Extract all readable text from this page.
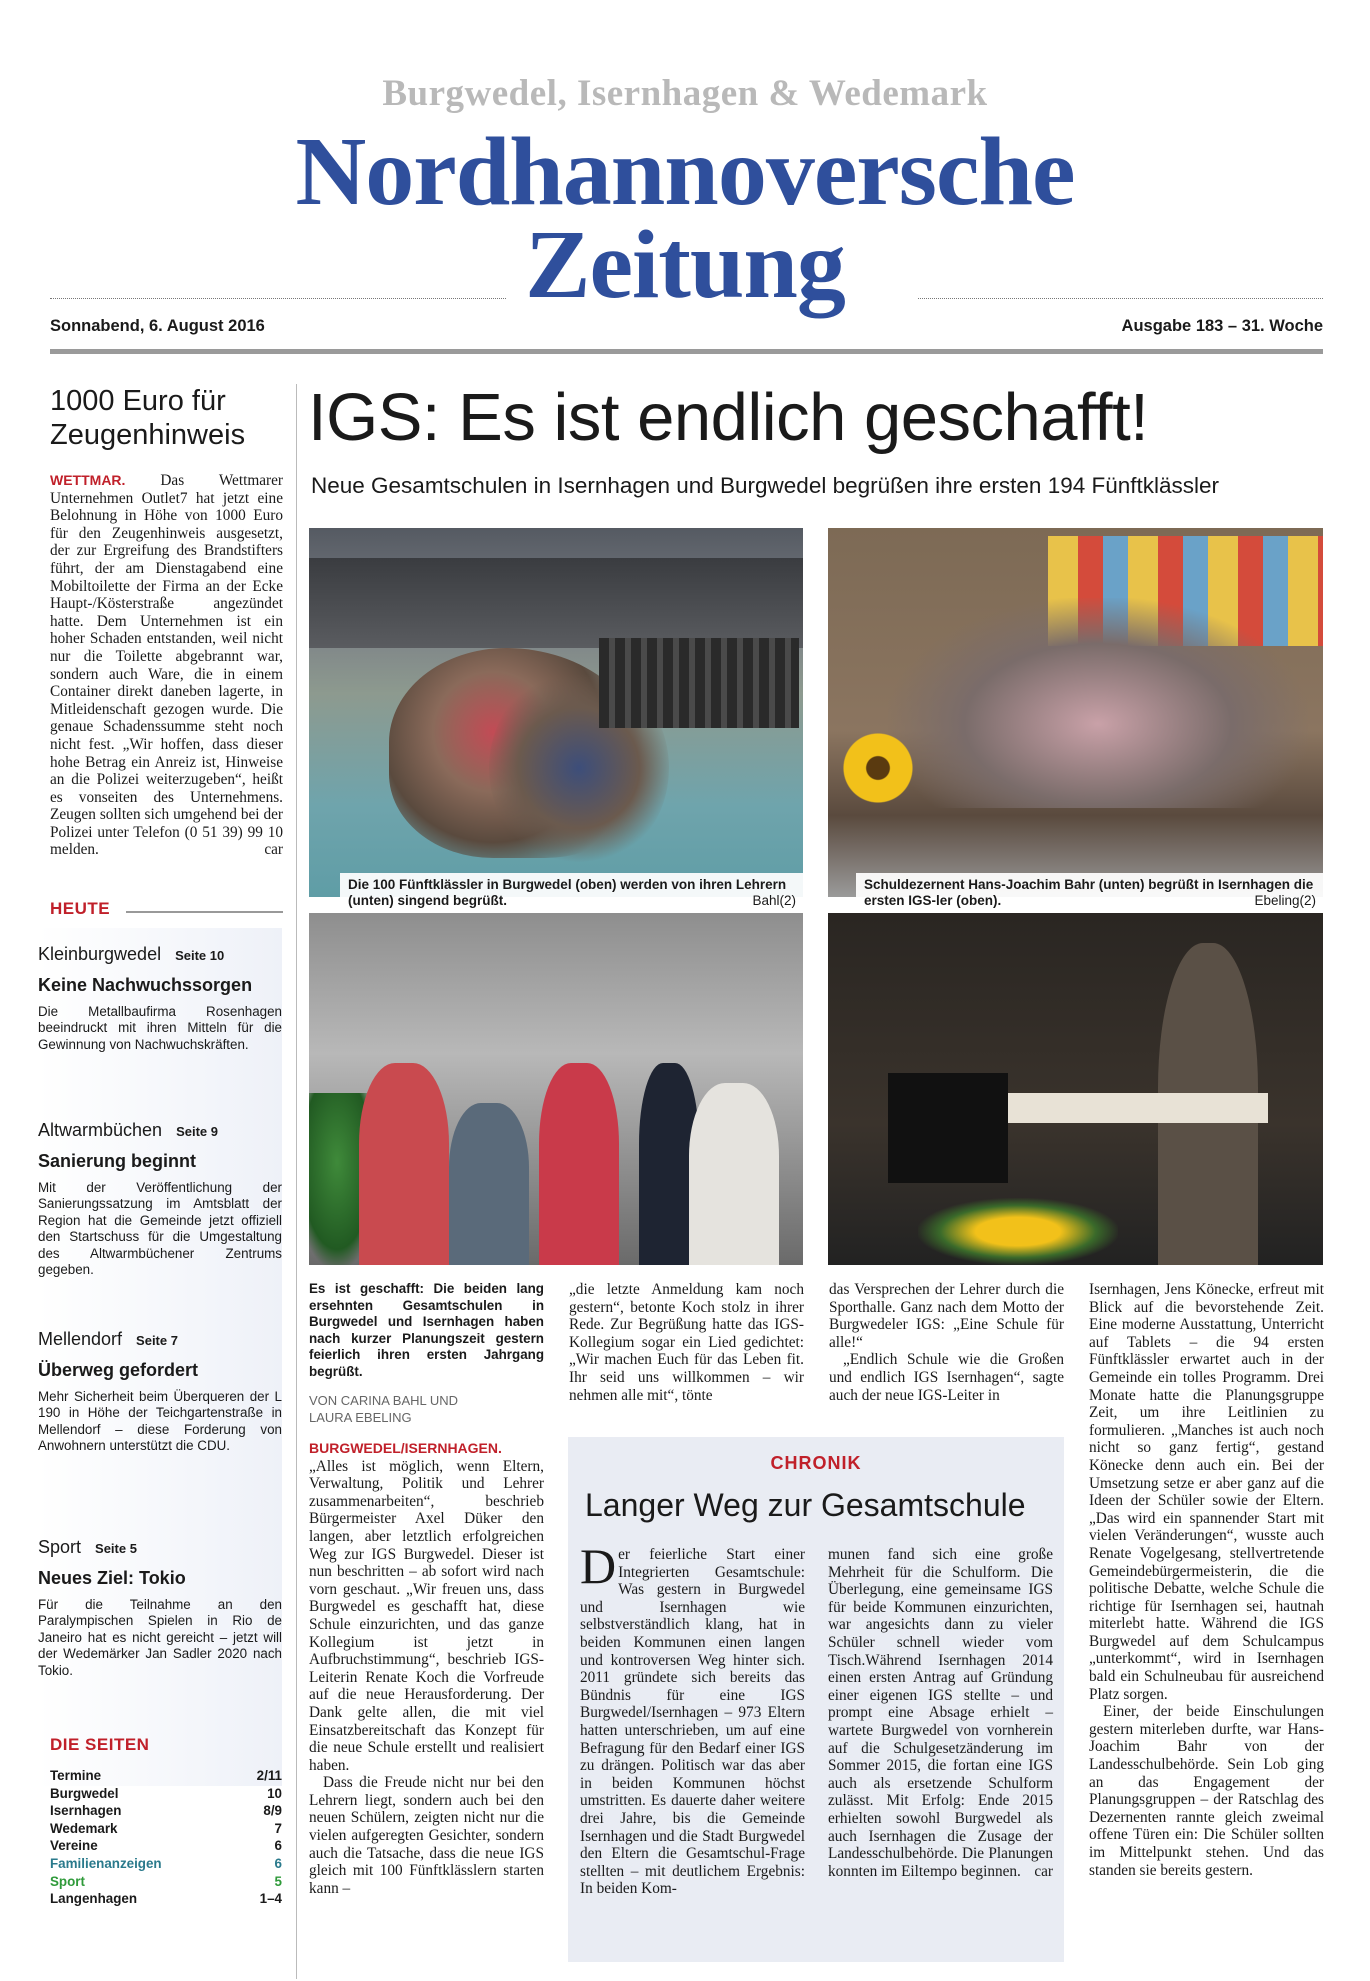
Burgwedel, Isernhagen & Wedemark
Nordhannoversche
Zeitung
Sonnabend, 6. August 2016	Ausgabe 183 – 31. Woche
1000 Euro für Zeugenhinweis

WETTMAR. Das Wettmarer Unternehmen Outlet7 hat jetzt eine Belohnung in Höhe von 1000 Euro für den Zeugenhinweis ausgesetzt, der zur Ergreifung des Brandstifters führt, der am Dienstagabend eine Mobiltoilette der Firma an der Ecke Haupt-/Kösterstraße angezündet hatte. Dem Unternehmen ist ein hoher Schaden entstanden, weil nicht nur die Toilette abgebrannt war, sondern auch Ware, die in einem Container direkt daneben lagerte, in Mitleidenschaft gezogen wurde. Die genaue Schadenssumme steht noch nicht fest. „Wir hoffen, dass dieser hohe Betrag ein Anreiz ist, Hinweise an die Polizei weiterzugeben“, heißt es vonseiten des Unternehmens. Zeugen sollten sich umgehend bei der Polizei unter Telefon (0 51 39) 99 10 melden.	car

HEUTE
Kleinburgwedel Seite 10
Keine Nachwuchssorgen
Die Metallbaufirma Rosenhagen beeindruckt mit ihren Mitteln für die Gewinnung von Nachwuchskräften.
Altwarmbüchen Seite 9
Sanierung beginnt
Mit der Veröffentlichung der Sanierungssatzung im Amtsblatt der Region hat die Gemeinde jetzt offiziell den Startschuss für die Umgestaltung des Altwarmbüchener Zentrums gegeben.
Mellendorf Seite 7
Überweg gefordert
Mehr Sicherheit beim Überqueren der L 190 in Höhe der Teichgartenstraße in Mellendorf – diese Forderung von Anwohnern unterstützt die CDU.
Sport Seite 5
Neues Ziel: Tokio
Für die Teilnahme an den Paralympischen Spielen in Rio de Janeiro hat es nicht gereicht – jetzt will der Wedemärker Jan Sadler 2020 nach Tokio.
DIE SEITEN
Termine	2/11
Burgwedel	10
Isernhagen	8/9
Wedemark	7
Vereine	6
Familienanzeigen	6
Sport	5
Langenhagen	1–4
IGS: Es ist endlich geschafft!
Neue Gesamtschulen in Isernhagen und Burgwedel begrüßen ihre ersten 194 Fünftklässler
Die 100 Fünftklässler in Burgwedel (oben) werden von ihren Lehrern (unten) singend begrüßt.	Bahl(2)
Schuldezernent Hans-Joachim Bahr (unten) begrüßt in Isernhagen die ersten IGS-ler (oben).	Ebeling(2)
Es ist geschafft: Die beiden lang ersehnten Gesamtschulen in Burgwedel und Isernhagen haben nach kurzer Planungszeit gestern feierlich ihren ersten Jahrgang begrüßt.
VON CARINA BAHL UND LAURA EBELING

BURGWEDEL/ISERNHAGEN. „Alles ist möglich, wenn Eltern, Verwaltung, Politik und Lehrer zusammenarbeiten“, beschrieb Bürgermeister Axel Düker den langen, aber letztlich erfolgreichen Weg zur IGS Burgwedel. Dieser ist nun beschritten – ab sofort wird nach vorn geschaut. „Wir freuen uns, dass Burgwedel es geschafft hat, diese Schule einzurichten, und das ganze Kollegium ist jetzt in Aufbruchstimmung“, beschrieb IGS-Leiterin Renate Koch die Vorfreude auf die neue Herausforderung. Der Dank gelte allen, die mit viel Einsatzbereitschaft das Konzept für die neue Schule erstellt und realisiert haben.

Dass die Freude nicht nur bei den Lehrern liegt, sondern auch bei den neuen Schülern, zeigten nicht nur die vielen aufgeregten Gesichter, sondern auch die Tatsache, dass die neue IGS gleich mit 100 Fünftklässlern starten kann –

„die letzte Anmeldung kam noch gestern“, betonte Koch stolz in ihrer Rede. Zur Begrüßung hatte das IGS-Kollegium sogar ein Lied gedichtet: „Wir machen Euch für das Leben fit. Ihr seid uns willkommen – wir nehmen alle mit“, tönte

das Versprechen der Lehrer durch die Sporthalle. Ganz nach dem Motto der Burgwedeler IGS: „Eine Schule für alle!“

„Endlich Schule wie die Großen und endlich IGS Isernhagen“, sagte auch der neue IGS-Leiter in

Isernhagen, Jens Könecke, erfreut mit Blick auf die bevorstehende Zeit. Eine moderne Ausstattung, Unterricht auf Tablets – die 94 ersten Fünftklässler erwartet auch in der Gemeinde ein tolles Programm. Drei Monate hatte die Planungsgruppe Zeit, um ihre Leitlinien zu formulieren. „Manches ist auch noch nicht so ganz fertig“, gestand Könecke denn auch ein. Bei der Umsetzung setze er aber ganz auf die Ideen der Schüler sowie der Eltern. „Das wird ein spannender Start mit vielen Veränderungen“, wusste auch Renate Vogelgesang, stellvertretende Gemeindebürgermeisterin, die die politische Debatte, welche Schule die richtige für Isernhagen sei, hautnah miterlebt hatte. Während die IGS Burgwedel auf dem Schulcampus „unterkommt“, wird in Isernhagen bald ein Schulneubau für ausreichend Platz sorgen.

Einer, der beide Einschulungen gestern miterleben durfte, war Hans-Joachim Bahr von der Landesschulbehörde. Sein Lob ging an das Engagement der Planungsgruppen – der Ratschlag des Dezernenten rannte gleich zweimal offene Türen ein: Die Schüler sollten im Mittelpunkt stehen. Und das standen sie bereits gestern.

CHRONIK
Langer Weg zur Gesamtschule

Der feierliche Start einer Integrierten Gesamtschule: Was gestern in Burgwedel und Isernhagen wie selbstverständlich klang, hat in beiden Kommunen einen langen und kontroversen Weg hinter sich. 2011 gründete sich bereits das Bündnis für eine IGS Burgwedel/Isernhagen – 973 Eltern hatten unterschrieben, um auf eine Befragung für den Bedarf einer IGS zu drängen. Politisch war das aber in beiden Kommunen höchst umstritten. Es dauerte daher weitere drei Jahre, bis die Gemeinde Isernhagen und die Stadt Burgwedel den Eltern die Gesamtschul-Frage stellten – mit deutlichem Ergebnis: In beiden Kom-

munen fand sich eine große Mehrheit für die Schulform. Die Überlegung, eine gemeinsame IGS für beide Kommunen einzurichten, war angesichts dann zu vieler Schüler schnell wieder vom Tisch.Während Isernhagen 2014 einen ersten Antrag auf Gründung einer eigenen IGS stellte – und prompt eine Absage erhielt – wartete Burgwedel von vornherein auf die Schulgesetzänderung im Sommer 2015, die fortan eine IGS auch als ersetzende Schulform zulässt. Mit Erfolg: Ende 2015 erhielten sowohl Burgwedel als auch Isernhagen die Zusage der Landesschulbehörde. Die Planungen konnten im Eiltempo beginnen. car
